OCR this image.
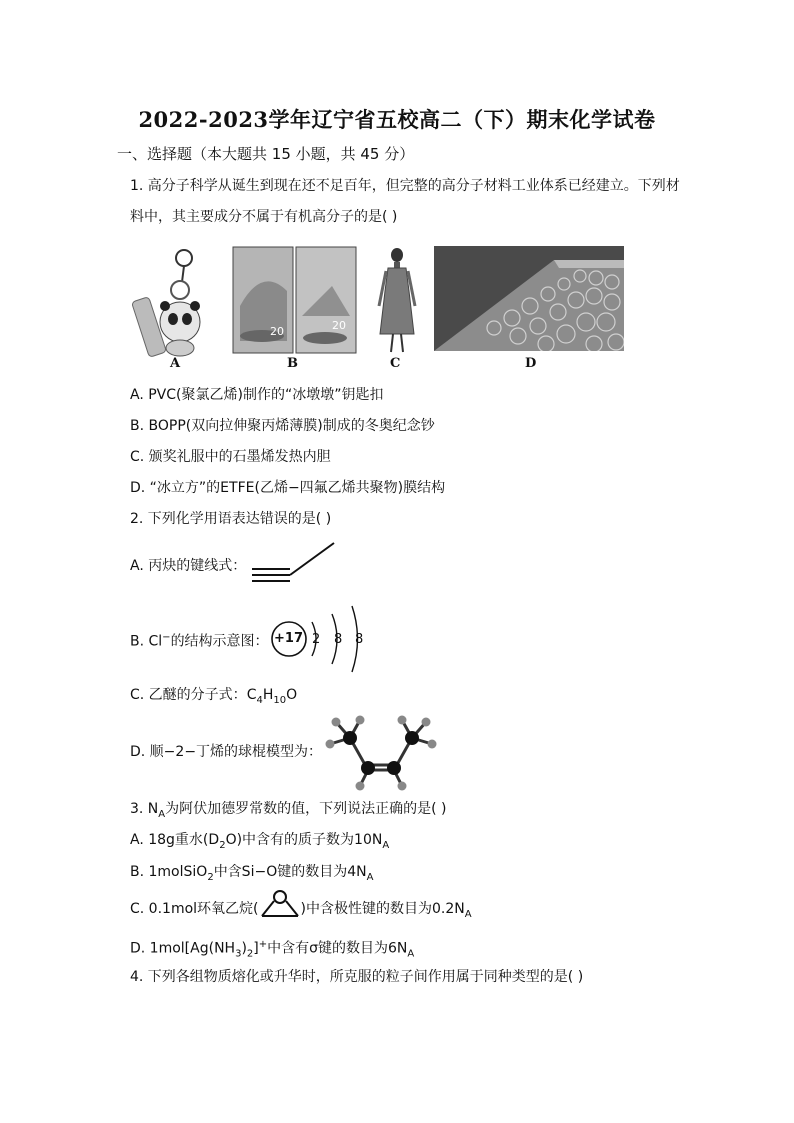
2022-2023学年辽宁省五校高二（下）期末化学试卷
一、选择题（本大题共 15 小题，共 45 分）
1. 高分子科学从诞生到现在还不足百年，但完整的高分子材料工业体系已经建立。下列材
料中，其主要成分不属于有机高分子的是( )
A
20	20
B	C	D
A. PVC(聚氯乙烯)制作的“冰墩墩”钥匙扣
B. BOPP(双向拉伸聚丙烯薄膜)制成的冬奥纪念钞
C. 颁奖礼服中的石墨烯发热内胆
D. “冰立方”的ETFE(乙烯−四氟乙烯共聚物)膜结构
2. 下列化学用语表达错误的是( )
A. 丙炔的键线式：
B. Cl−的结构示意图： +17 2 8 8
C. 乙醚的分子式：$C_4H_{10}O$
D. 顺−2−丁烯的球棍模型为：
3. $N_A$为阿伏加德罗常数的值，下列说法正确的是( )
A. 18g重水$(D_2O)$中含有的质子数为$10N_A$
B. 1molSiO$_2$中含Si−O键的数目为$4N_A$
C. 0.1mol环氧乙烷(	)中含极性键的数目为$0.2N_A$
D. $1mol[Ag(NH_3)_2]^+$中含有σ键的数目为$6N_A$
4. 下列各组物质熔化或升华时，所克服的粒子间作用属于同种类型的是( )
